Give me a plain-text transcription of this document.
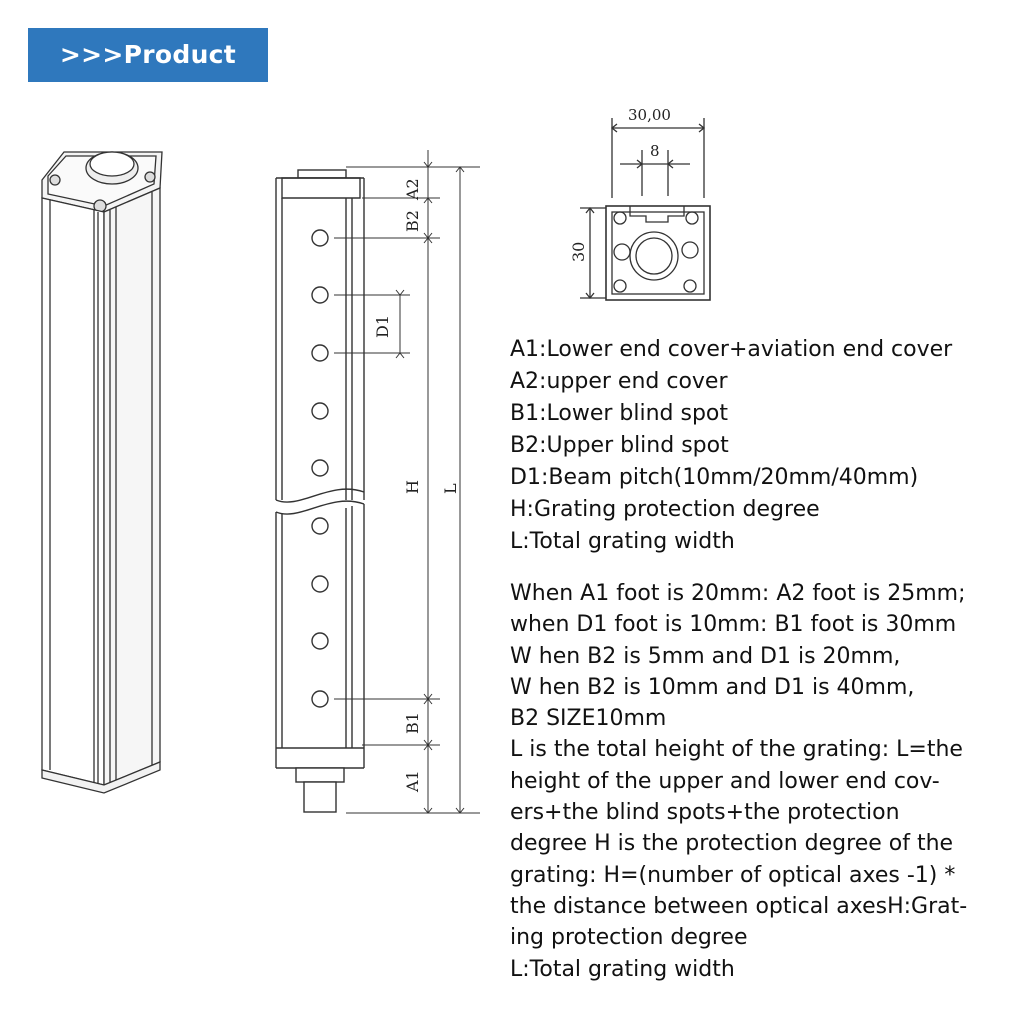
>>>Product size
A2
B2
D1
H L
B1
A1
30,00
8
30
A1:Lower end cover+aviation end cover
A2:upper end cover
B1:Lower blind spot
B2:Upper blind spot
D1:Beam pitch(10mm/20mm/40mm)
H:Grating protection degree
L:Total grating width
When A1 foot is 20mm: A2 foot is 25mm;
when D1 foot is 10mm: B1 foot is 30mm
W hen B2 is 5mm and D1 is 20mm,
W hen B2 is 10mm and D1 is 40mm,
B2 SIZE10mm
L is the total height of the grating: L=the
height of the upper and lower end cov-
ers+the blind spots+the protection
degree H is the protection degree of the
grating: H=(number of optical axes -1) *
the distance between optical axesH:Grat-
ing protection degree
L:Total grating width
